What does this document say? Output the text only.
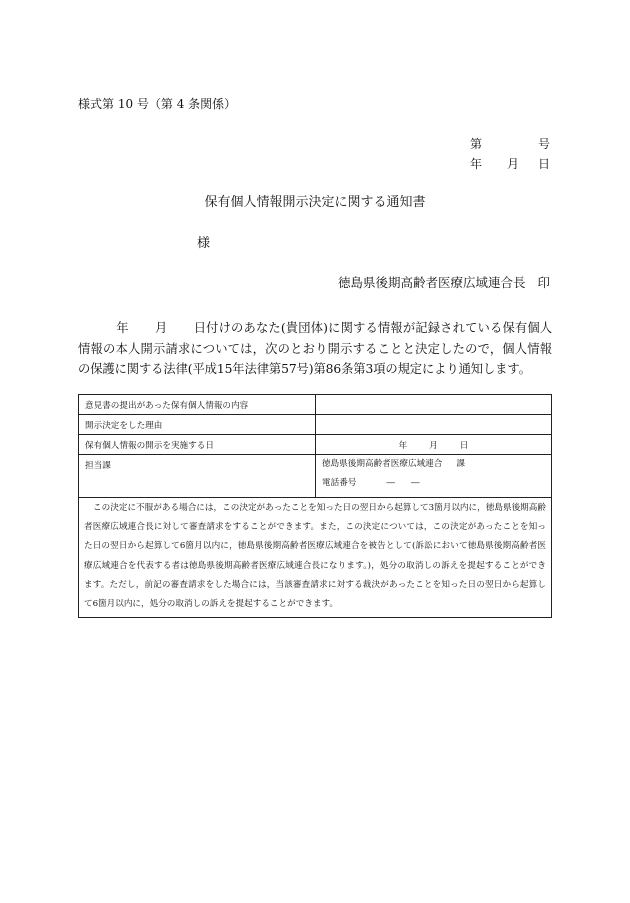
様式第 10 号（第 4 条関係）
第	号
年 月 日
保有個人情報開示決定に関する通知書
様
徳島県後期高齢者医療広域連合長 印
年 月 日付けのあなた(貴団体)に関する情報が記録されている保有個人情報の本人開示請求については，次のとおり開示することと決定したので，個人情報の保護に関する法律(平成15年法律第57号)第86条第3項の規定により通知します。
意見書の提出があった保有個人情報の内容	
開示決定をした理由	
保有個人情報の開示を実施する日	年 月 日
担当課	徳島県後期高齢者医療広域連合 課
電話番号 ― ―

この決定に不服がある場合には，この決定があったことを知った日の翌日から起算して3箇月以内に，徳島県後期高齢者医療広域連合長に対して審査請求をすることができます。また，この決定については，この決定があったことを知った日の翌日から起算して6箇月以内に，徳島県後期高齢者医療広域連合を被告として(訴訟において徳島県後期高齢者医療広域連合を代表する者は徳島県後期高齢者医療広域連合長になります。)，処分の取消しの訴えを提起することができます。ただし，前記の審査請求をした場合には，当該審査請求に対する裁決があったことを知った日の翌日から起算して6箇月以内に，処分の取消しの訴えを提起することができます。	
